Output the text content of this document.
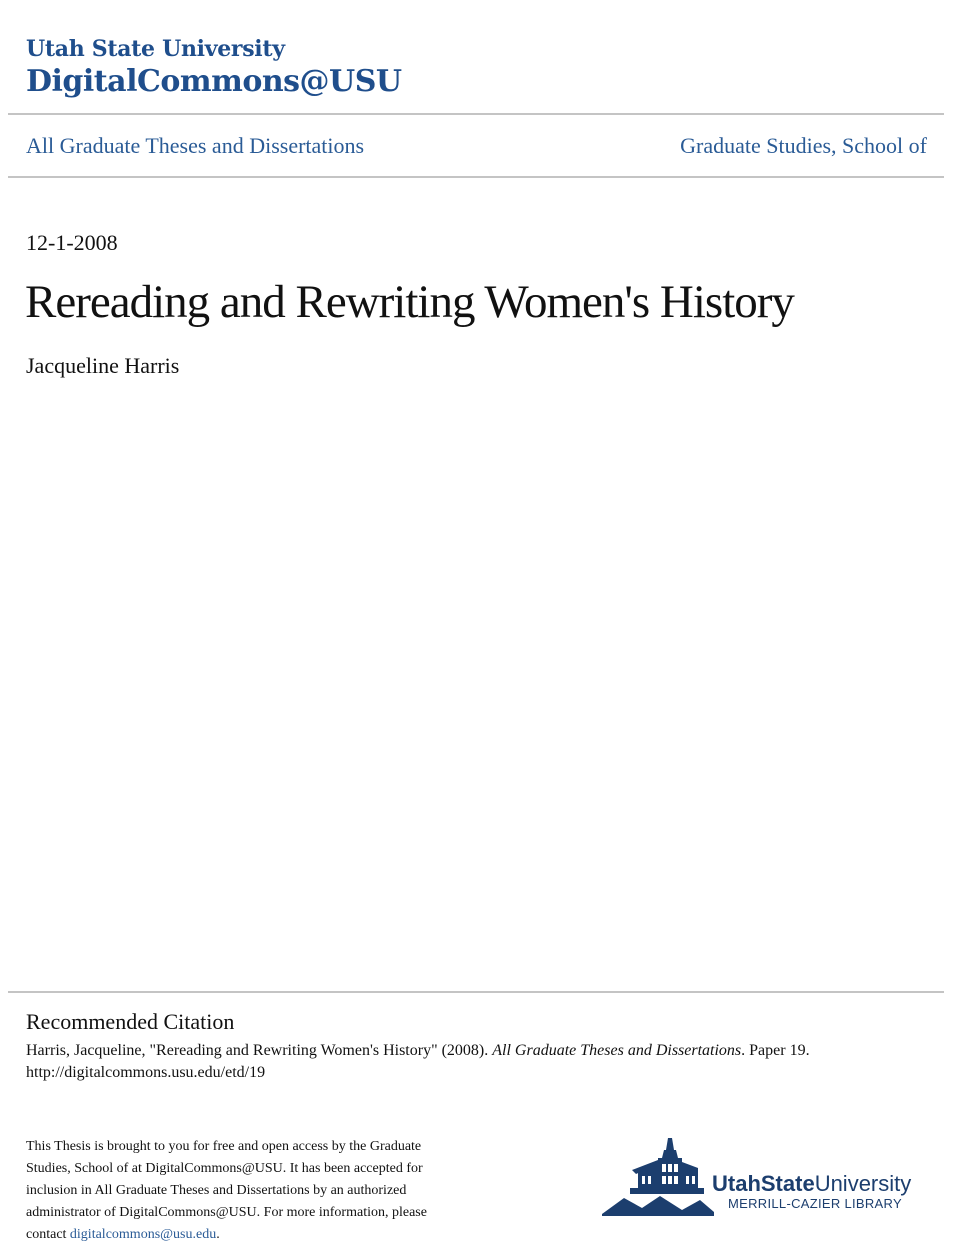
Utah State University
DigitalCommons@USU
All Graduate Theses and Dissertations	Graduate Studies, School of
12-1-2008
Rereading and Rewriting Women's History
Jacqueline Harris
Recommended Citation
Harris, Jacqueline, "Rereading and Rewriting Women's History" (2008). All Graduate Theses and Dissertations. Paper 19.
http://digitalcommons.usu.edu/etd/19
This Thesis is brought to you for free and open access by the Graduate Studies, School of at DigitalCommons@USU. It has been accepted for inclusion in All Graduate Theses and Dissertations by an authorized administrator of DigitalCommons@USU. For more information, please contact digitalcommons@usu.edu.
UtahStateUniversity
MERRILL-CAZIER LIBRARY
